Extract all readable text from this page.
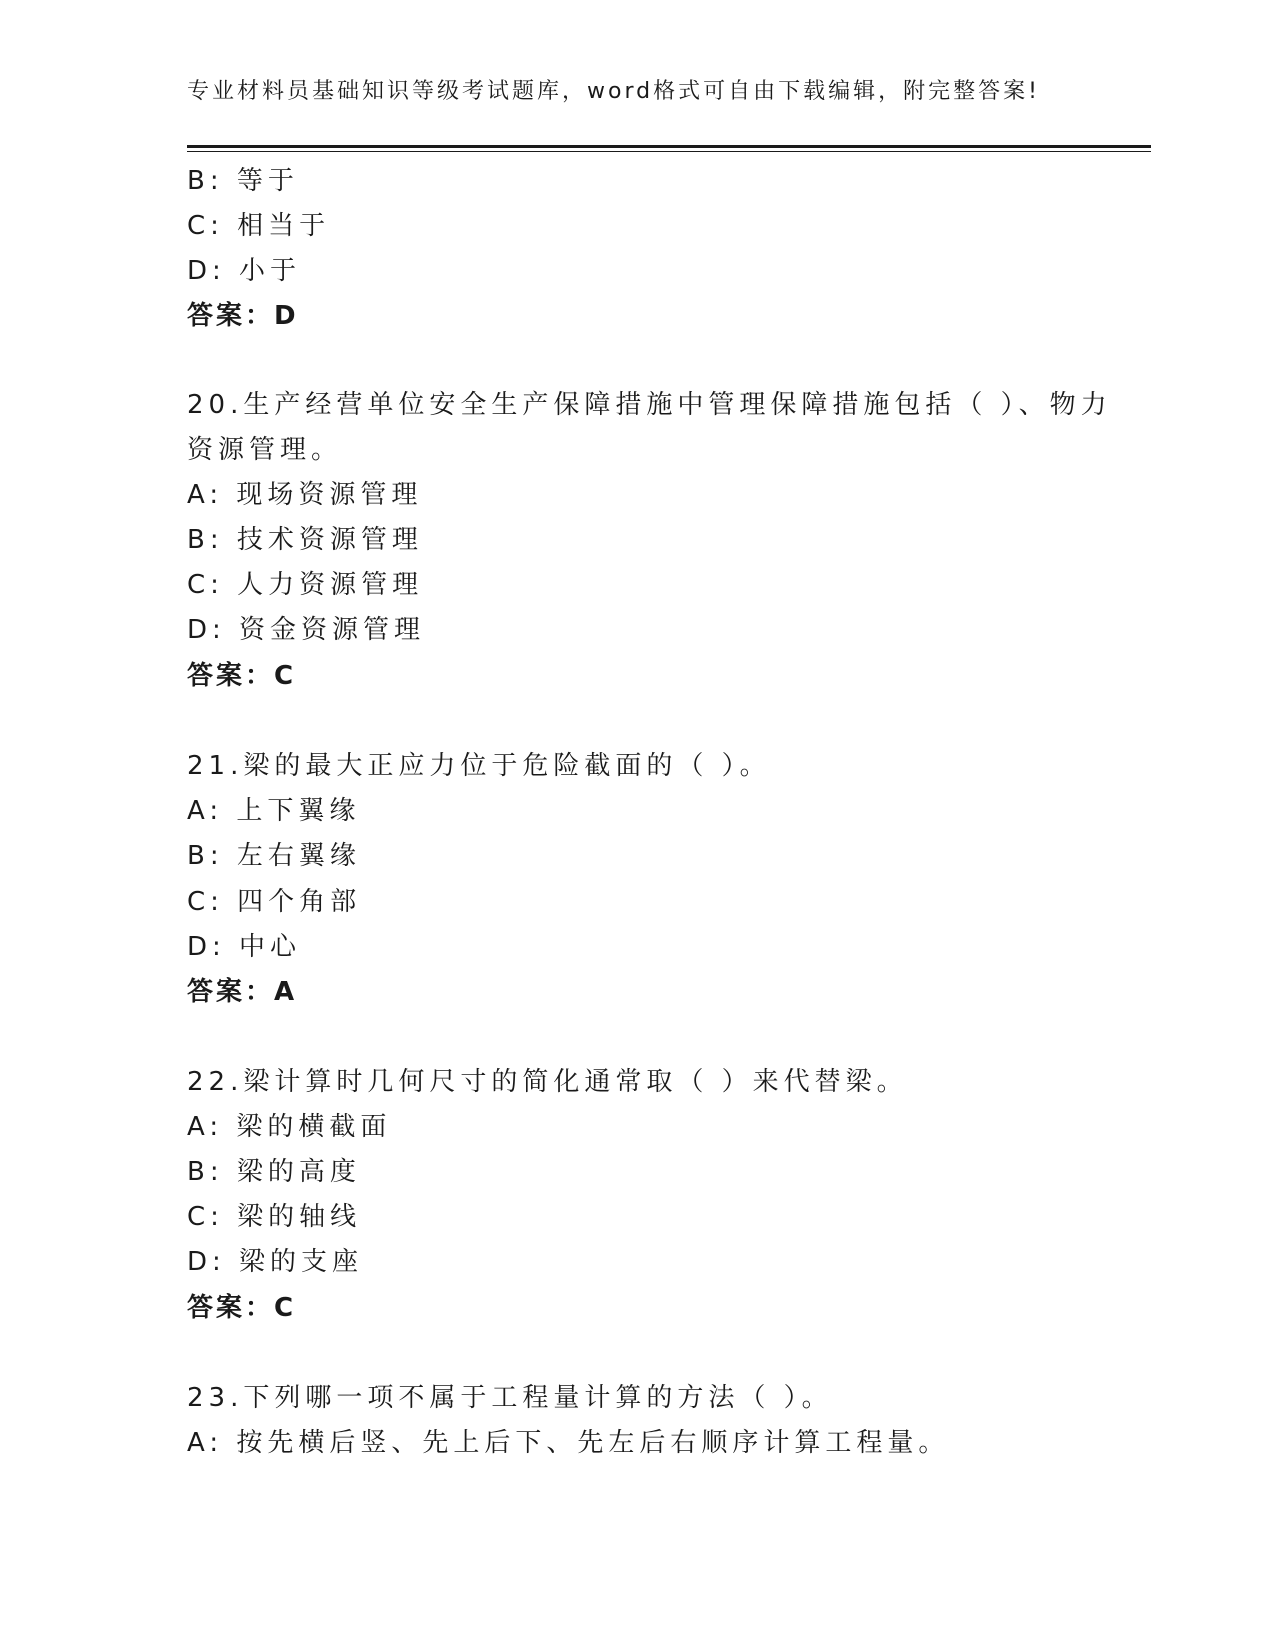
专业材料员基础知识等级考试题库，word格式可自由下载编辑，附完整答案!
B: 等于
C: 相当于
D: 小于
答案：D
20.生产经营单位安全生产保障措施中管理保障措施包括（ ）、物力
资源管理。
A: 现场资源管理
B: 技术资源管理
C: 人力资源管理
D: 资金资源管理
答案：C
21.梁的最大正应力位于危险截面的（ ）。
A: 上下翼缘
B: 左右翼缘
C: 四个角部
D: 中心
答案：A
22.梁计算时几何尺寸的简化通常取（ ）来代替梁。
A: 梁的横截面
B: 梁的高度
C: 梁的轴线
D: 梁的支座
答案：C
23.下列哪一项不属于工程量计算的方法（ ）。
A: 按先横后竖、先上后下、先左后右顺序计算工程量。
